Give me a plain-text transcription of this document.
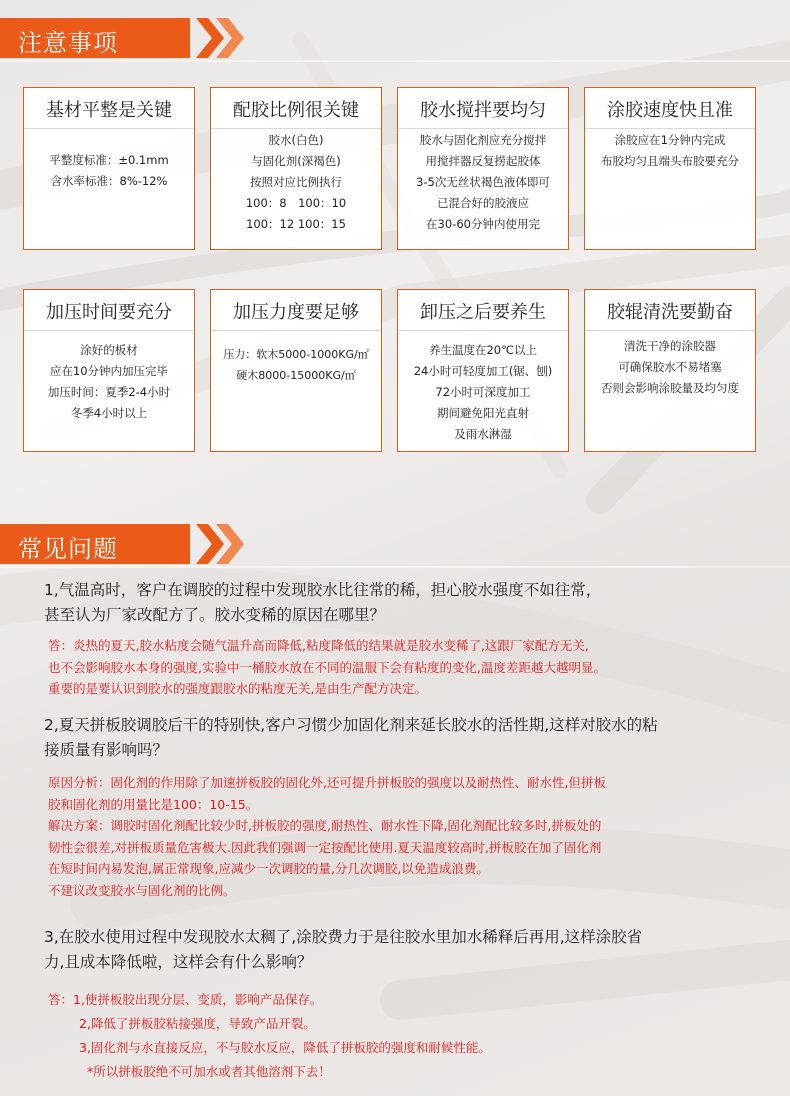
注意事项
基材平整是关键
平整度标准：±0.1mm
含水率标准：8%-12%
配胶比例很关键
胶水(白色)
与固化剂(深褐色)
按照对应比例执行
100：8　100：10
100：12 100：15
胶水搅拌要均匀
胶水与固化剂应充分搅拌
用搅拌器反复捞起胶体
3-5次无丝状褐色液体即可
已混合好的胶液应
在30-60分钟内使用完
涂胶速度快且准
涂胶应在1分钟内完成
布胶均匀且端头布胶要充分
加压时间要充分
涂好的板材
应在10分钟内加压完毕
加压时间：夏季2-4小时
冬季4小时以上
加压力度要足够
压力：软木5000-1000KG/㎡
硬木8000-15000KG/㎡
卸压之后要养生
养生温度在20℃以上
24小时可轻度加工(锯、刨)
72小时可深度加工
期间避免阳光直射
及雨水淋湿
胶辊清洗要勤奋
清洗干净的涂胶器
可确保胶水不易堵塞
否则会影响涂胶量及均匀度
常见问题
1,气温高时，客户在调胶的过程中发现胶水比往常的稀，担心胶水强度不如往常，
甚至认为厂家改配方了。胶水变稀的原因在哪里？
答：炎热的夏天,胶水粘度会随气温升高而降低,粘度降低的结果就是胶水变稀了,这跟厂家配方无关,
也不会影响胶水本身的强度,实验中一桶胶水放在不同的温服下会有粘度的变化,温度差距越大越明显。
重要的是要认识到胶水的强度跟胶水的粘度无关,是由生产配方决定。
2,夏天拼板胶调胶后干的特别快,客户习惯少加固化剂来延长胶水的活性期,这样对胶水的粘
接质量有影响吗？
原因分析：固化剂的作用除了加速拼板胶的固化外,还可提升拼板胶的强度以及耐热性、耐水性,但拼板
胶和固化剂的用量比是100：10-15。
解决方案：调胶时固化剂配比较少时,拼板胶的强度,耐热性、耐水性下降,固化剂配比较多时,拼板处的
韧性会很差,对拼板质量危害极大.因此我们强调一定按配比使用.夏天温度较高时,拼板胶在加了固化剂
在短时间内易发泡,属正常现象,应减少一次调胶的量,分几次调胶,以免造成浪费。
不建议改变胶水与固化剂的比例。
3,在胶水使用过程中发现胶水太稠了,涂胶费力于是往胶水里加水稀释后再用,这样涂胶省
力,且成本降低啦，这样会有什么影响？
答：1,使拼板胶出现分层、变质，影响产品保存。
2,降低了拼板胶粘接强度，导致产品开裂。
3,固化剂与水直接反应，不与胶水反应，降低了拼板胶的强度和耐候性能。
*所以拼板胶绝不可加水或者其他溶剂下去！
